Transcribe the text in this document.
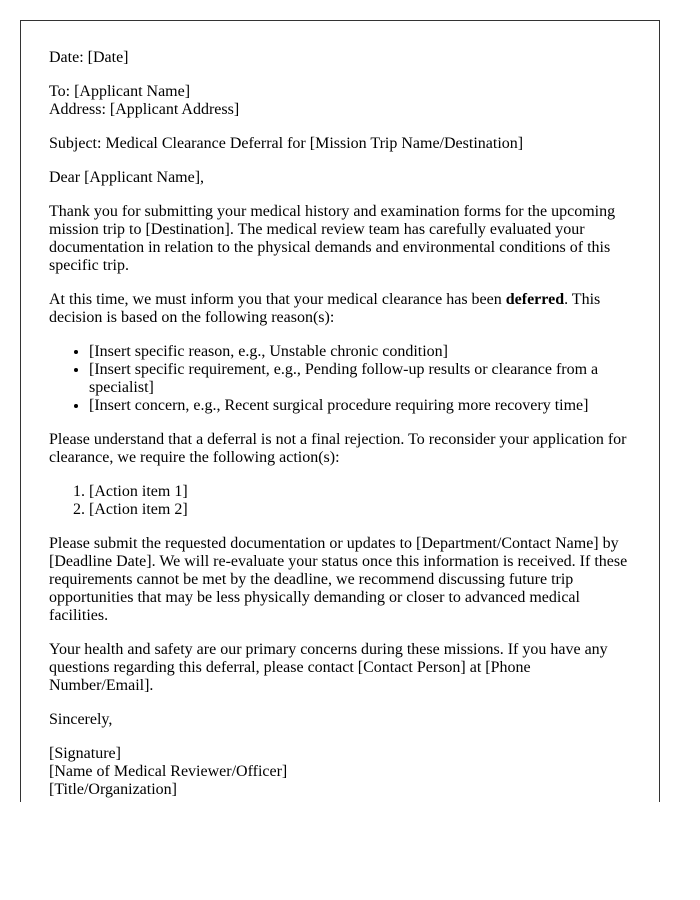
Date: [Date]

To: [Applicant Name]
Address: [Applicant Address]

Subject: Medical Clearance Deferral for [Mission Trip Name/Destination]

Dear [Applicant Name],

Thank you for submitting your medical history and examination forms for the upcoming mission trip to [Destination]. The medical review team has carefully evaluated your documentation in relation to the physical demands and environmental conditions of this specific trip.

At this time, we must inform you that your medical clearance has been deferred. This decision is based on the following reason(s):

• [Insert specific reason, e.g., Unstable chronic condition]
• [Insert specific requirement, e.g., Pending follow-up results or clearance from a specialist]
• [Insert concern, e.g., Recent surgical procedure requiring more recovery time]

Please understand that a deferral is not a final rejection. To reconsider your application for clearance, we require the following action(s):

1. [Action item 1]
2. [Action item 2]

Please submit the requested documentation or updates to [Department/Contact Name] by [Deadline Date]. We will re-evaluate your status once this information is received. If these requirements cannot be met by the deadline, we recommend discussing future trip opportunities that may be less physically demanding or closer to advanced medical facilities.

Your health and safety are our primary concerns during these missions. If you have any questions regarding this deferral, please contact [Contact Person] at [Phone Number/Email].

Sincerely,

[Signature]
[Name of Medical Reviewer/Officer]
[Title/Organization]
